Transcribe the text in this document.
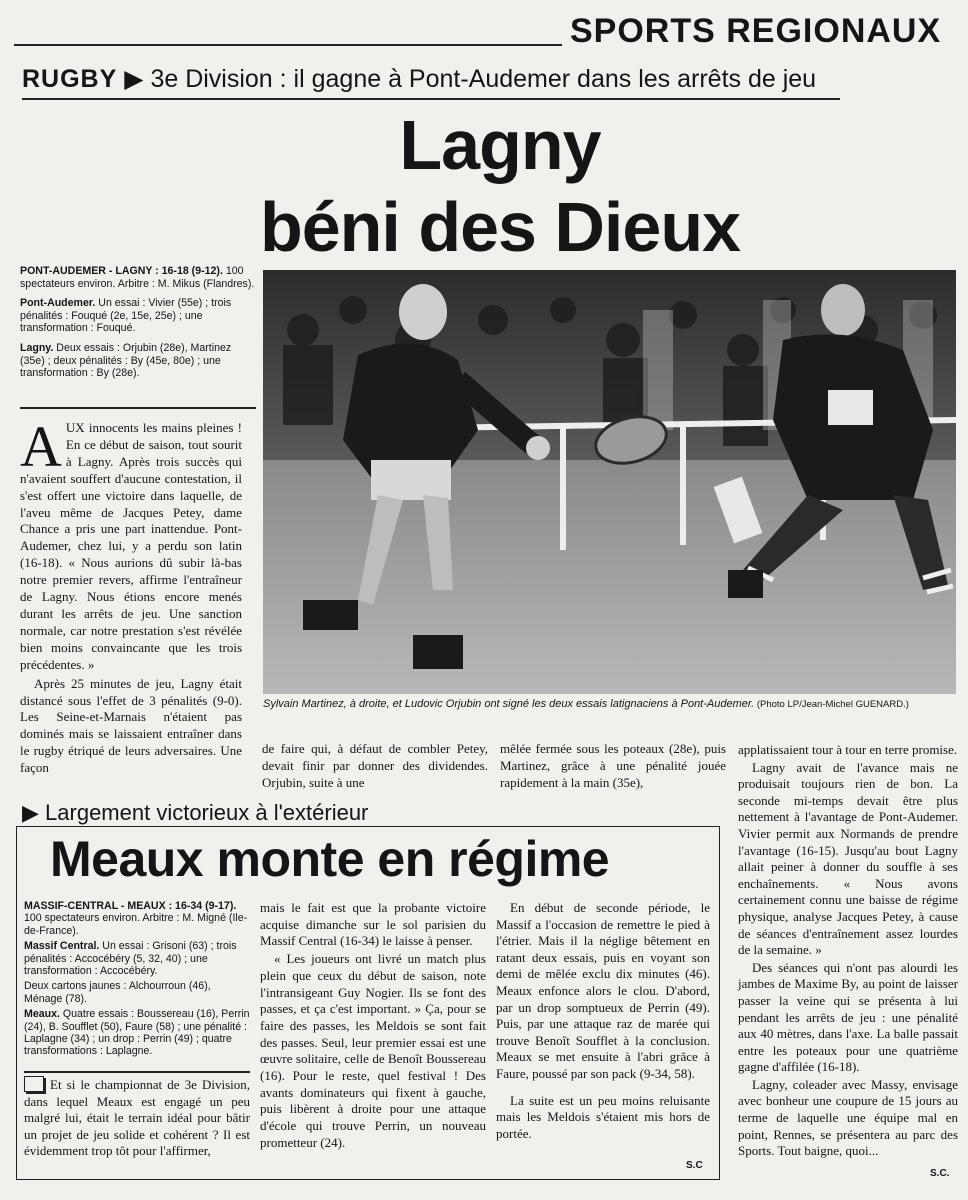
SPORTS REGIONAUX
RUGBY ▶ 3e Division : il gagne à Pont-Audemer dans les arrêts de jeu
Lagny
béni des Dieux
PONT-AUDEMER - LAGNY : 16-18 (9-12). 100 spectateurs environ. Arbitre : M. Mikus (Flandres).
Pont-Audemer. Un essai : Vivier (55e) ; trois pénalités : Fouqué (2e, 15e, 25e) ; une transformation : Fouqué.
Lagny. Deux essais : Orjubin (28e), Martinez (35e) ; deux pénalités : By (45e, 80e) ; une transformation : By (28e).

AUX innocents les mains pleines ! En ce début de saison, tout sourit à Lagny. Après trois succès qui n'avaient souffert d'aucune contestation, il s'est offert une victoire dans laquelle, de l'aveu même de Jacques Petey, dame Chance a pris une part inattendue. Pont-Audemer, chez lui, y a perdu son latin (16-18). « Nous aurions dû subir là-bas notre premier revers, affirme l'entraîneur de Lagny. Nous étions encore menés durant les arrêts de jeu. Une sanction normale, car notre prestation s'est révélée bien moins convaincante que les trois précédentes. »

Après 25 minutes de jeu, Lagny était distancé sous l'effet de 3 pénalités (9-0). Les Seine-et-Marnais n'étaient pas dominés mais se laissaient entraîner dans le rugby étriqué de leurs adversaires. Une façon

Sylvain Martinez, à droite, et Ludovic Orjubin ont signé les deux essais latignaciens à Pont-Audemer. (Photo LP/Jean-Michel GUENARD.)
de faire qui, à défaut de combler Petey, devait finir par donner des dividendes. Orjubin, suite à une
mêlée fermée sous les poteaux (28e), puis Martinez, grâce à une pénalité jouée rapidement à la main (35e),

applatissaient tour à tour en terre promise.

Lagny avait de l'avance mais ne produisait toujours rien de bon. La seconde mi-temps devait être plus nettement à l'avantage de Pont-Audemer. Vivier permit aux Normands de prendre l'avantage (16-15). Jusqu'au bout Lagny allait peiner à donner du souffle à ses enchaînements. « Nous avons certainement connu une baisse de régime physique, analyse Jacques Petey, à cause de séances d'entraînement assez lourdes de la semaine. »

Des séances qui n'ont pas alourdi les jambes de Maxime By, au point de laisser passer la veine qui se présenta à lui pendant les arrêts de jeu : une pénalité aux 40 mètres, dans l'axe. La balle passait entre les poteaux pour une quatrième gagne d'affilée (16-18).

Lagny, coleader avec Massy, envisage avec bonheur une coupure de 15 jours au terme de laquelle une équipe mal en point, Rennes, se présentera au parc des Sports. Tout baigne, quoi...

S.C.
▶ Largement victorieux à l'extérieur
Meaux monte en régime
MASSIF-CENTRAL - MEAUX : 16-34 (9-17). 100 spectateurs environ. Arbitre : M. Migné (Ile-de-France).
Massif Central. Un essai : Grisoni (63) ; trois pénalités : Accocébéry (5, 32, 40) ; une transformation : Accocébéry.
Deux cartons jaunes : Alchourroun (46), Ménage (78).
Meaux. Quatre essais : Boussereau (16), Perrin (24), B. Soufflet (50), Faure (58) ; une pénalité : Laplagne (34) ; un drop : Perrin (49) ; quatre transformations : Laplagne.
Et si le championnat de 3e Division, dans lequel Meaux est engagé un peu malgré lui, était le terrain idéal pour bâtir un projet de jeu solide et cohérent ? Il est évidemment trop tôt pour l'affirmer,

mais le fait est que la probante victoire acquise dimanche sur le sol parisien du Massif Central (16-34) le laisse à penser.

« Les joueurs ont livré un match plus plein que ceux du début de saison, note l'intransigeant Guy Nogier. Ils se font des passes, et ça c'est important. » Ça, pour se faire des passes, les Meldois se sont fait des passes. Seul, leur premier essai est une œuvre solitaire, celle de Benoît Boussereau (16). Pour le reste, quel festival ! Des avants dominateurs qui fixent à gauche, puis libèrent à droite pour une attaque d'école qui trouve Perrin, un nouveau prometteur (24).

En début de seconde période, le Massif a l'occasion de remettre le pied à l'étrier. Mais il la néglige bêtement en ratant deux essais, puis en voyant son demi de mêlée exclu dix minutes (46). Meaux enfonce alors le clou. D'abord, par un drop somptueux de Perrin (49). Puis, par une attaque raz de marée qui trouve Benoît Soufflet à la conclusion. Meaux se met ensuite à l'abri grâce à Faure, poussé par son pack (9-34, 58).

La suite est un peu moins reluisante mais les Meldois s'étaient mis hors de portée.

S.C
